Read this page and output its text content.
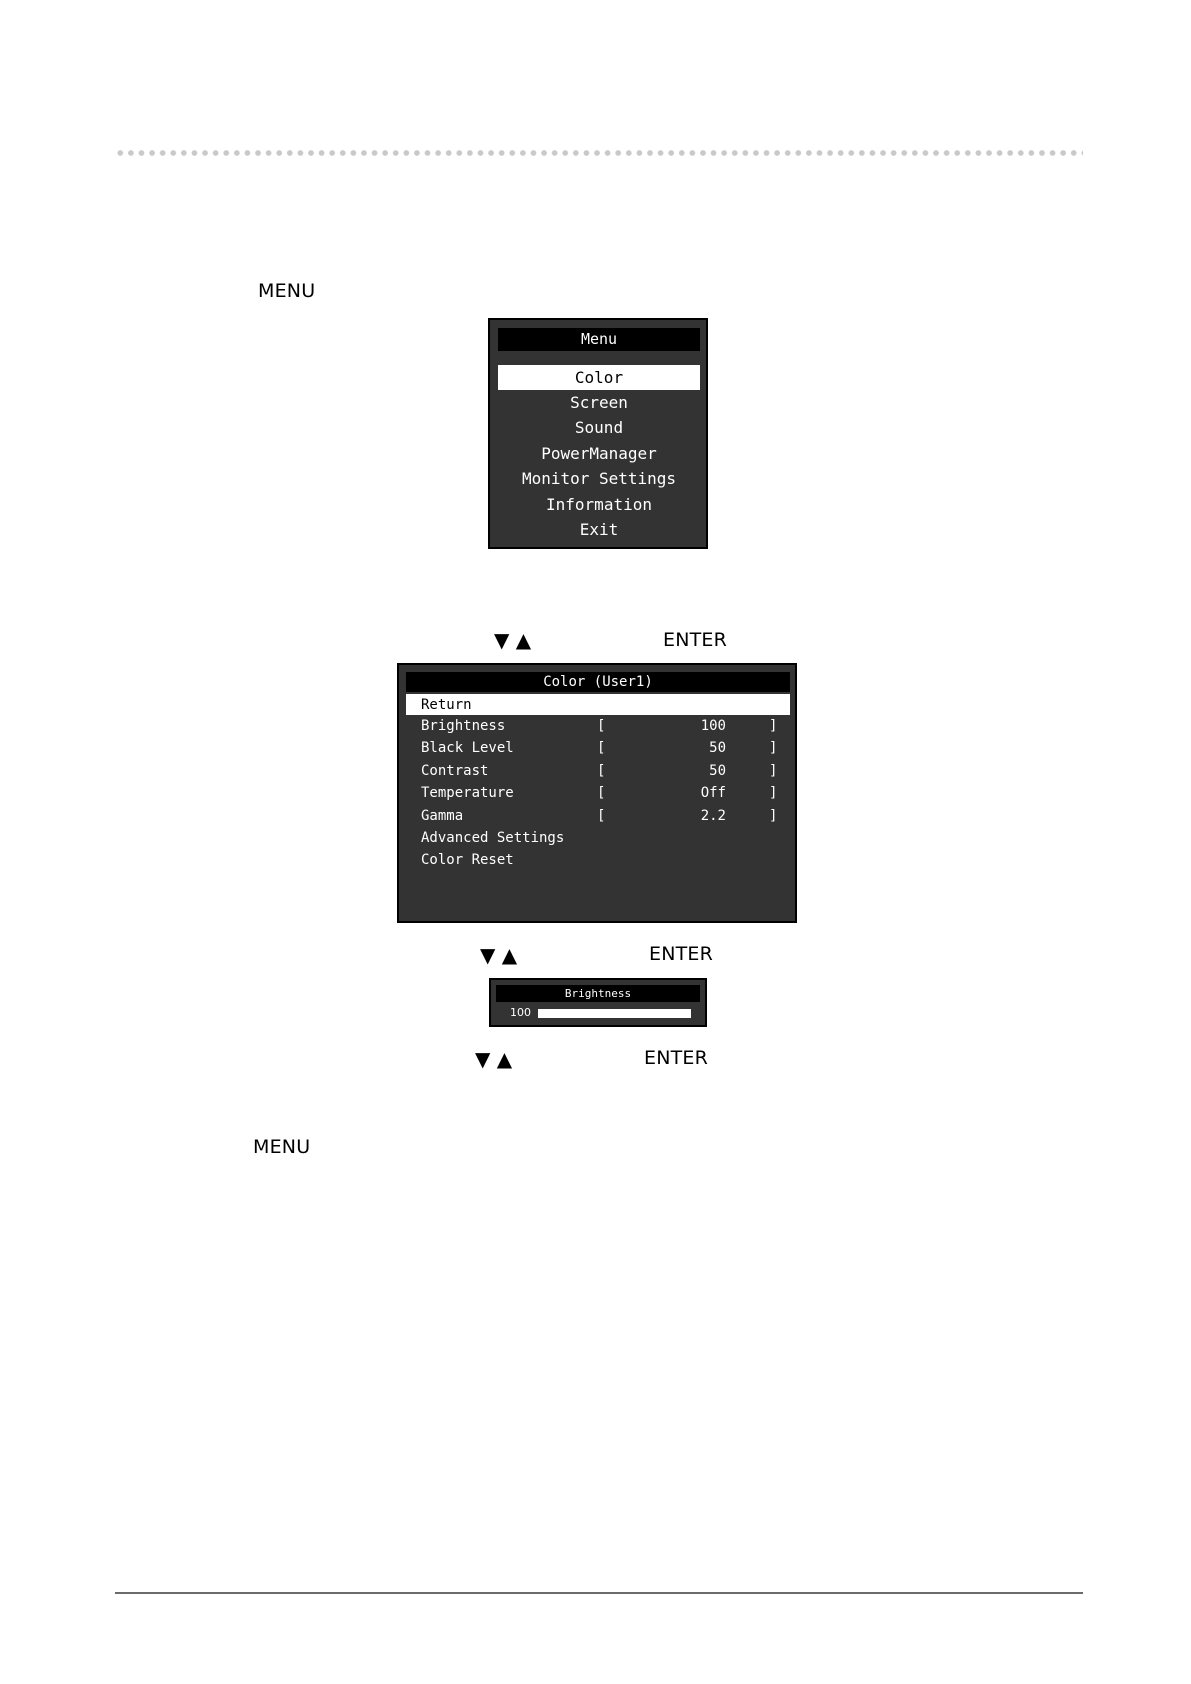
MENU
Menu
Color
Screen
Sound
PowerManager
Monitor Settings
Information
Exit
▼ ▲	ENTER
Color (User1)
Return
Brightness	[	100	]
Black Level	[	50	]
Contrast	[	50	]
Temperature	[	Off	]
Gamma	[	2.2	]
Advanced Settings
Color Reset
▼ ▲	ENTER
Brightness
100
▼ ▲	ENTER
MENU
